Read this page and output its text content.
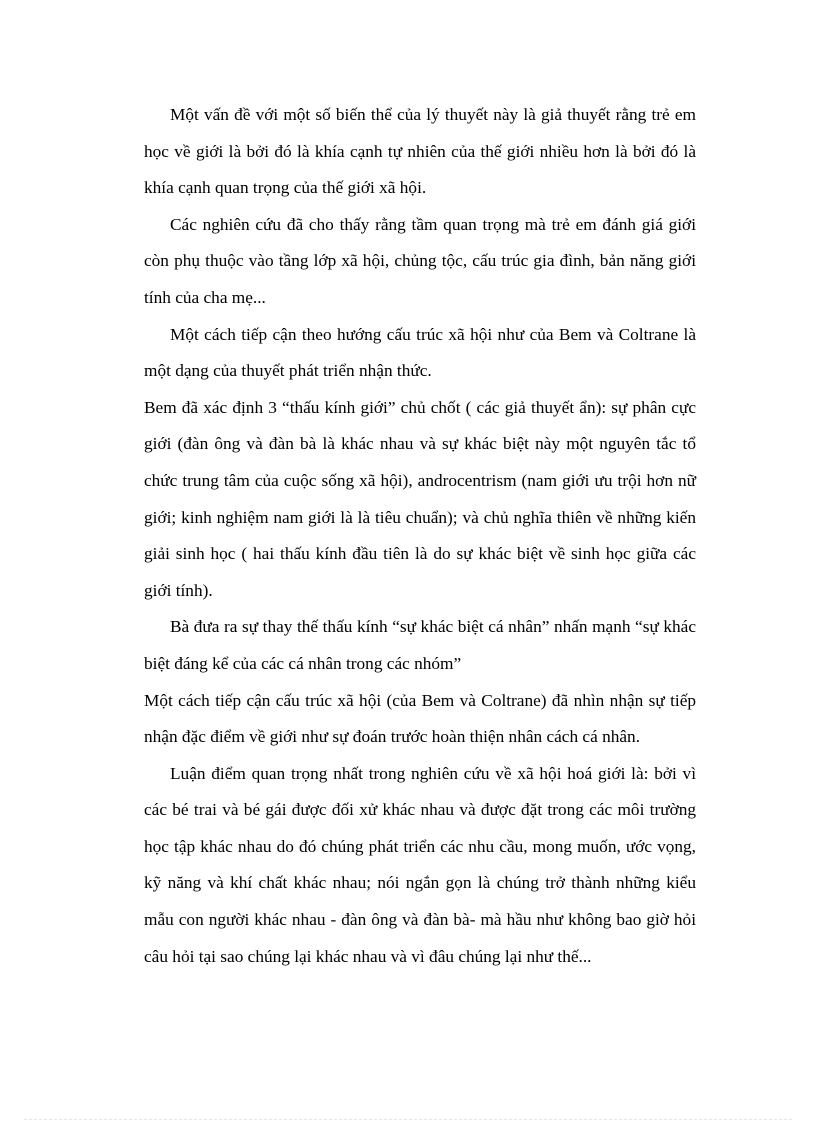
Một vấn đề với một số biến thể của lý thuyết này là giả thuyết rằng trẻ em học về giới là bởi đó là khía cạnh tự nhiên của thế giới nhiều hơn là bởi đó là khía cạnh quan trọng của thế giới xã hội.

Các nghiên cứu đã cho thấy rằng tầm quan trọng mà trẻ em đánh giá giới còn phụ thuộc vào tầng lớp xã hội, chủng tộc, cấu trúc gia đình, bản năng giới tính của cha mẹ...

Một cách tiếp cận theo hướng cấu trúc xã hội như của Bem và Coltrane là một dạng của thuyết phát triển nhận thức.

Bem đã xác định 3 “thấu kính giới” chủ chốt ( các giả thuyết ẩn): sự phân cực giới (đàn ông và đàn bà là khác nhau và sự khác biệt này một nguyên tắc tổ chức trung tâm của cuộc sống xã hội), androcentrism (nam giới ưu trội hơn nữ giới; kinh nghiệm nam giới là là tiêu chuẩn); và chủ nghĩa thiên về những kiến giải sinh học ( hai thấu kính đầu tiên là do sự khác biệt về sinh học giữa các giới tính).

Bà đưa ra sự thay thế thấu kính “sự khác biệt cá nhân” nhấn mạnh “sự khác biệt đáng kể của các cá nhân trong các nhóm”

Một cách tiếp cận cấu trúc xã hội (của Bem và Coltrane) đã nhìn nhận sự tiếp nhận đặc điểm về giới như sự đoán trước hoàn thiện nhân cách cá nhân.

Luận điểm quan trọng nhất trong nghiên cứu về xã hội hoá giới là: bởi vì các bé trai và bé gái được đối xử khác nhau và được đặt trong các môi trường học tập khác nhau do đó chúng phát triển các nhu cầu, mong muốn, ước vọng, kỹ năng và khí chất khác nhau; nói ngắn gọn là chúng trở thành những kiểu mẫu con người khác nhau - đàn ông và đàn bà- mà hầu như không bao giờ hỏi câu hỏi tại sao chúng lại khác nhau và vì đâu chúng lại như thế...
